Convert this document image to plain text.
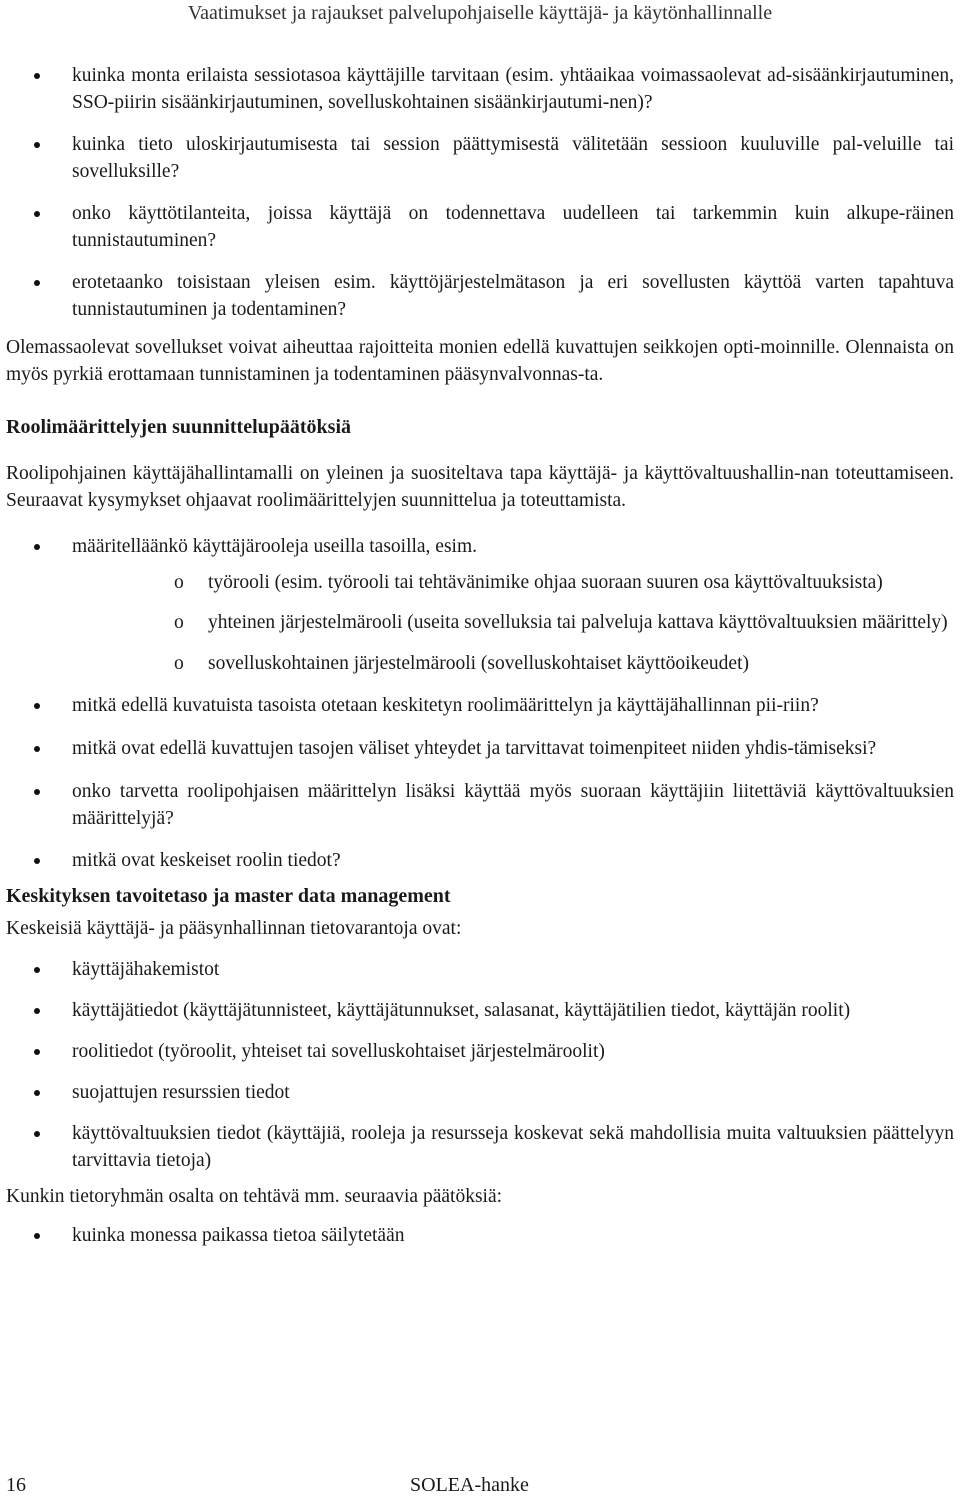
Vaatimukset ja rajaukset palvelupohjaiselle käyttäjä- ja käytönhallinnalle
kuinka monta erilaista sessiotasoa käyttäjille tarvitaan (esim. yhtäaikaa voimassaolevat ad-sisäänkirjautuminen, SSO-piirin sisäänkirjautuminen, sovelluskohtainen sisäänkirjautumi-nen)?
kuinka tieto uloskirjautumisesta tai session päättymisestä välitetään sessioon kuuluville pal-veluille tai sovelluksille?
onko käyttötilanteita, joissa käyttäjä on todennettava uudelleen tai tarkemmin kuin alkupe-räinen tunnistautuminen?
erotetaanko toisistaan yleisen esim. käyttöjärjestelmätason ja eri sovellusten käyttöä varten tapahtuva tunnistautuminen ja todentaminen?

Olemassaolevat sovellukset voivat aiheuttaa rajoitteita monien edellä kuvattujen seikkojen opti-moinnille. Olennaista on myös pyrkiä erottamaan tunnistaminen ja todentaminen pääsynvalvonnas-ta.

Roolimäärittelyjen suunnittelupäätöksiä

Roolipohjainen käyttäjähallintamalli on yleinen ja suositeltava tapa käyttäjä- ja käyttövaltuushallin-nan toteuttamiseen. Seuraavat kysymykset ohjaavat roolimäärittelyjen suunnittelua ja toteuttamista.

määritelläänkö käyttäjärooleja useilla tasoilla, esim.
o työrooli (esim. työrooli tai tehtävänimike ohjaa suoraan suuren osa käyttövaltuuksista)
o yhteinen järjestelmärooli (useita sovelluksia tai palveluja kattava käyttövaltuuksien määrittely)
o sovelluskohtainen järjestelmärooli (sovelluskohtaiset käyttöoikeudet)
mitkä edellä kuvatuista tasoista otetaan keskitetyn roolimäärittelyn ja käyttäjähallinnan pii-riin?
mitkä ovat edellä kuvattujen tasojen väliset yhteydet ja tarvittavat toimenpiteet niiden yhdis-tämiseksi?
onko tarvetta roolipohjaisen määrittelyn lisäksi käyttää myös suoraan käyttäjiin liitettäviä käyttövaltuuksien määrittelyjä?
mitkä ovat keskeiset roolin tiedot?
Keskityksen tavoitetaso ja master data management

Keskeisiä käyttäjä- ja pääsynhallinnan tietovarantoja ovat:

käyttäjähakemistot
käyttäjätiedot (käyttäjätunnisteet, käyttäjätunnukset, salasanat, käyttäjätilien tiedot, käyttäjän roolit)
roolitiedot (työroolit, yhteiset tai sovelluskohtaiset järjestelmäroolit)
suojattujen resurssien tiedot
käyttövaltuuksien tiedot (käyttäjiä, rooleja ja resursseja koskevat sekä mahdollisia muita valtuuksien päättelyyn tarvittavia tietoja)

Kunkin tietoryhmän osalta on tehtävä mm. seuraavia päätöksiä:

kuinka monessa paikassa tietoa säilytetään
16	SOLEA-hanke
